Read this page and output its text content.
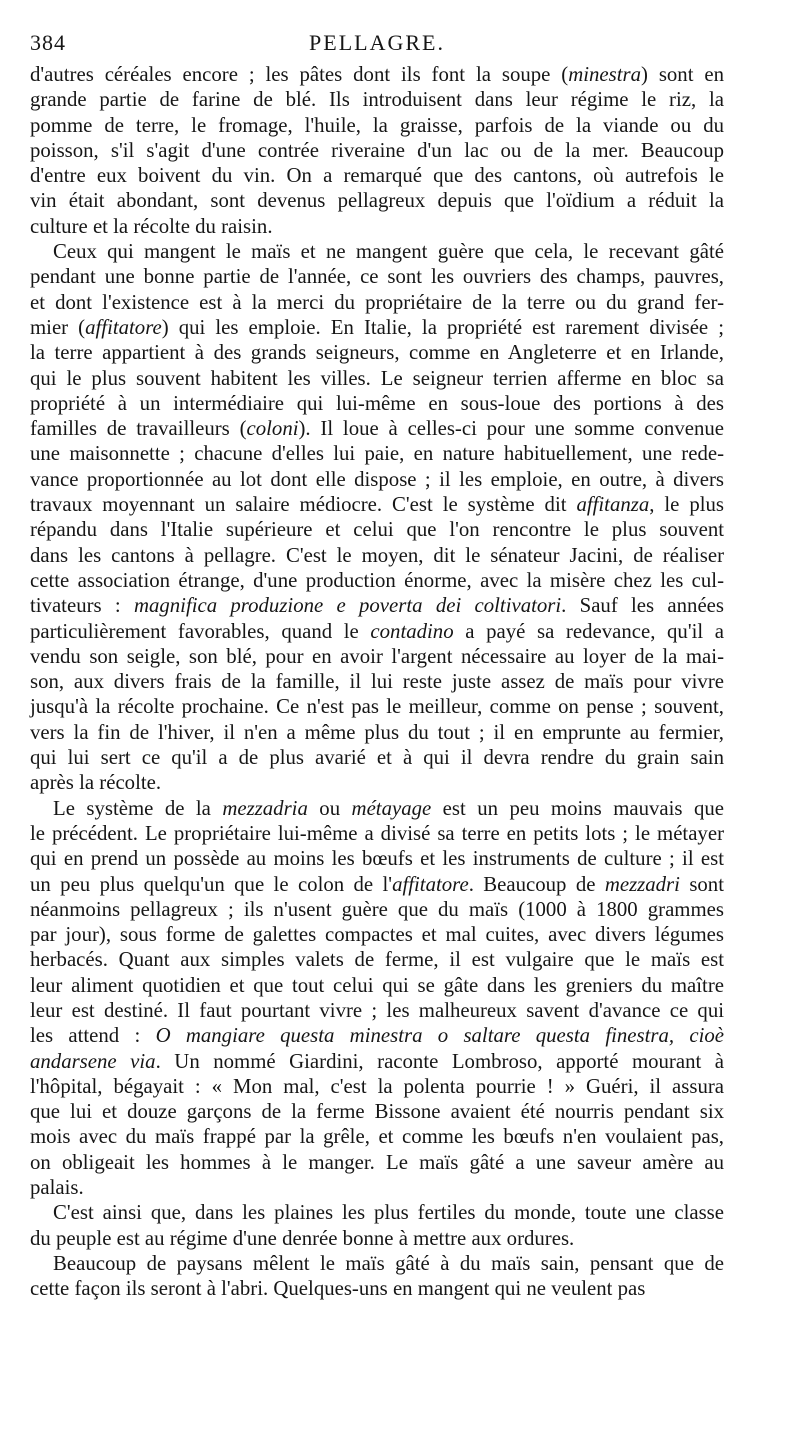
384	PELLAGRE.
d'autres céréales encore ; les pâtes dont ils font la soupe (minestra) sont en
grande partie de farine de blé. Ils introduisent dans leur régime le riz, la
pomme de terre, le fromage, l'huile, la graisse, parfois de la viande ou du
poisson, s'il s'agit d'une contrée riveraine d'un lac ou de la mer. Beaucoup
d'entre eux boivent du vin. On a remarqué que des cantons, où autrefois le
vin était abondant, sont devenus pellagreux depuis que l'oïdium a réduit la
culture et la récolte du raisin.
Ceux qui mangent le maïs et ne mangent guère que cela, le recevant gâté
pendant une bonne partie de l'année, ce sont les ouvriers des champs, pauvres,
et dont l'existence est à la merci du propriétaire de la terre ou du grand fer-
mier (affitatore) qui les emploie. En Italie, la propriété est rarement divisée ;
la terre appartient à des grands seigneurs, comme en Angleterre et en Irlande,
qui le plus souvent habitent les villes. Le seigneur terrien afferme en bloc sa
propriété à un intermédiaire qui lui-même en sous-loue des portions à des
familles de travailleurs (coloni). Il loue à celles-ci pour une somme convenue
une maisonnette ; chacune d'elles lui paie, en nature habituellement, une rede-
vance proportionnée au lot dont elle dispose ; il les emploie, en outre, à divers
travaux moyennant un salaire médiocre. C'est le système dit affitanza, le plus
répandu dans l'Italie supérieure et celui que l'on rencontre le plus souvent
dans les cantons à pellagre. C'est le moyen, dit le sénateur Jacini, de réaliser
cette association étrange, d'une production énorme, avec la misère chez les cul-
tivateurs : magnifica produzione e poverta dei coltivatori. Sauf les années
particulièrement favorables, quand le contadino a payé sa redevance, qu'il a
vendu son seigle, son blé, pour en avoir l'argent nécessaire au loyer de la mai-
son, aux divers frais de la famille, il lui reste juste assez de maïs pour vivre
jusqu'à la récolte prochaine. Ce n'est pas le meilleur, comme on pense ; souvent,
vers la fin de l'hiver, il n'en a même plus du tout ; il en emprunte au fermier,
qui lui sert ce qu'il a de plus avarié et à qui il devra rendre du grain sain
après la récolte.
Le système de la mezzadria ou métayage est un peu moins mauvais que
le précédent. Le propriétaire lui-même a divisé sa terre en petits lots ; le métayer
qui en prend un possède au moins les bœufs et les instruments de culture ; il est
un peu plus quelqu'un que le colon de l'affitatore. Beaucoup de mezzadri sont
néanmoins pellagreux ; ils n'usent guère que du maïs (1000 à 1800 grammes
par jour), sous forme de galettes compactes et mal cuites, avec divers légumes
herbacés. Quant aux simples valets de ferme, il est vulgaire que le maïs est
leur aliment quotidien et que tout celui qui se gâte dans les greniers du maître
leur est destiné. Il faut pourtant vivre ; les malheureux savent d'avance ce qui
les attend : O mangiare questa minestra o saltare questa finestra, cioè
andarsene via. Un nommé Giardini, raconte Lombroso, apporté mourant à
l'hôpital, bégayait : « Mon mal, c'est la polenta pourrie ! » Guéri, il assura
que lui et douze garçons de la ferme Bissone avaient été nourris pendant six
mois avec du maïs frappé par la grêle, et comme les bœufs n'en voulaient pas,
on obligeait les hommes à le manger. Le maïs gâté a une saveur amère au
palais.
C'est ainsi que, dans les plaines les plus fertiles du monde, toute une classe
du peuple est au régime d'une denrée bonne à mettre aux ordures.
Beaucoup de paysans mêlent le maïs gâté à du maïs sain, pensant que de
cette façon ils seront à l'abri. Quelques-uns en mangent qui ne veulent pas
